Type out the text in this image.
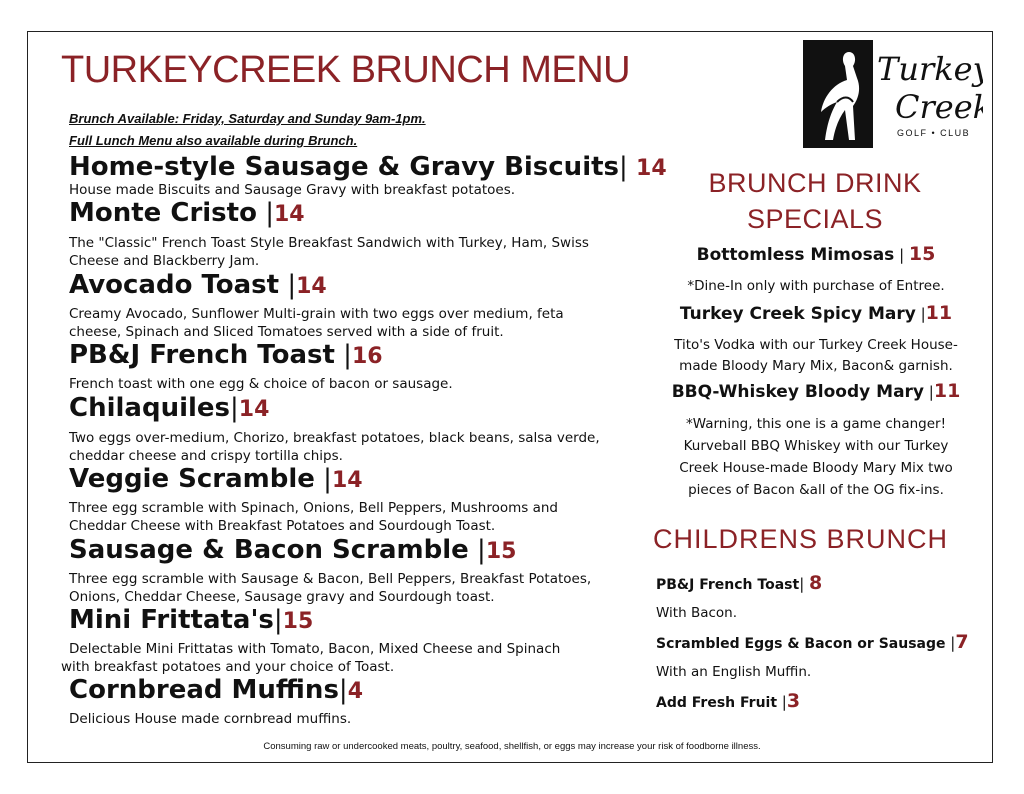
TURKEYCREEK BRUNCH MENU
Brunch Available: Friday, Saturday and Sunday 9am-1pm.
Full Lunch Menu also available during Brunch.
Home-style Sausage & Gravy Biscuits| 14
House made Biscuits and Sausage Gravy with breakfast potatoes.
Monte Cristo |14
The "Classic" French Toast Style Breakfast Sandwich with Turkey, Ham, Swiss
Cheese and Blackberry Jam.
Avocado Toast |14
Creamy Avocado, Sunflower Multi-grain with two eggs over medium, feta
cheese, Spinach and Sliced Tomatoes served with a side of fruit.
PB&J French Toast |16
French toast with one egg & choice of bacon or sausage.
Chilaquiles|14
Two eggs over-medium, Chorizo, breakfast potatoes, black beans, salsa verde,
cheddar cheese and crispy tortilla chips.
Veggie Scramble |14
Three egg scramble with Spinach, Onions, Bell Peppers, Mushrooms and
Cheddar Cheese with Breakfast Potatoes and Sourdough Toast.
Sausage & Bacon Scramble |15
Three egg scramble with Sausage & Bacon, Bell Peppers, Breakfast Potatoes,
Onions, Cheddar Cheese, Sausage gravy and Sourdough toast.
Mini Frittata's|15
Delectable Mini Frittatas with Tomato, Bacon, Mixed Cheese and Spinach
with breakfast potatoes and your choice of Toast.
Cornbread Muffins|4
Delicious House made cornbread muffins.
Turkey
Creek
GOLF • CLUB
BRUNCH DRINK
SPECIALS
Bottomless Mimosas | 15
*Dine-In only with purchase of Entree.
Turkey Creek Spicy Mary |11
Tito's Vodka with our Turkey Creek House-
made Bloody Mary Mix, Bacon& garnish.
BBQ-Whiskey Bloody Mary |11
*Warning, this one is a game changer!
Kurveball BBQ Whiskey with our Turkey
Creek House-made Bloody Mary Mix two
pieces of Bacon &all of the OG fix-ins.
CHILDRENS BRUNCH
PB&J French Toast| 8
With Bacon.
Scrambled Eggs & Bacon or Sausage |7
With an English Muffin.
Add Fresh Fruit |3
Consuming raw or undercooked meats, poultry, seafood, shellfish, or eggs may increase your risk of foodborne illness.
